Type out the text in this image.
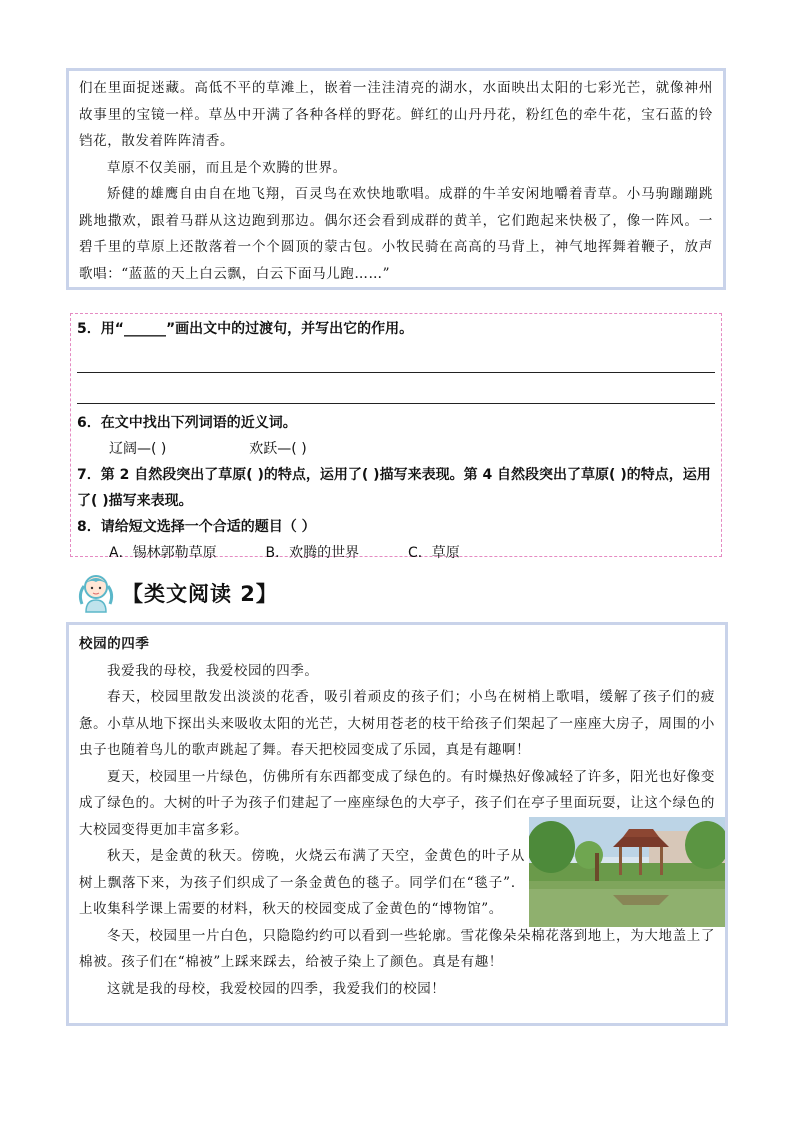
们在里面捉迷藏。高低不平的草滩上，嵌着一洼洼清亮的湖水，水面映出太阳的七彩光芒，就像神州故事里的宝镜一样。草丛中开满了各种各样的野花。鲜红的山丹丹花，粉红色的牵牛花，宝石蓝的铃铛花，散发着阵阵清香。

草原不仅美丽，而且是个欢腾的世界。

矫健的雄鹰自由自在地飞翔，百灵鸟在欢快地歌唱。成群的牛羊安闲地嚼着青草。小马驹蹦蹦跳跳地撒欢，跟着马群从这边跑到那边。偶尔还会看到成群的黄羊，它们跑起来快极了，像一阵风。一碧千里的草原上还散落着一个个圆顶的蒙古包。小牧民骑在高高的马背上，神气地挥舞着鞭子，放声歌唱：“蓝蓝的天上白云飘，白云下面马儿跑……”

5．用“______”画出文中的过渡句，并写出它的作用。

6．在文中找出下列词语的近义词。

辽阔—( )	欢跃—( )

7．第 2 自然段突出了草原( )的特点，运用了( )描写来表现。第 4 自然段突出了草原( )的特点，运用了( )描写来表现。

8．请给短文选择一个合适的题目（ ）

A．锡林郭勒草原	B．欢腾的世界	C．草原

【类文阅读 2】

校园的四季

我爱我的母校，我爱校园的四季。

春天，校园里散发出淡淡的花香，吸引着顽皮的孩子们；小鸟在树梢上歌唱，缓解了孩子们的疲惫。小草从地下探出头来吸收太阳的光芒，大树用苍老的枝干给孩子们架起了一座座大房子，周围的小虫子也随着鸟儿的歌声跳起了舞。春天把校园变成了乐园，真是有趣啊！

夏天，校园里一片绿色，仿佛所有东西都变成了绿色的。有时燥热好像减轻了许多，阳光也好像变成了绿色的。大树的叶子为孩子们建起了一座座绿色的大亭子，孩子们在亭子里面玩耍，让这个绿色的大校园变得更加丰富多彩。

秋天，是金黄的秋天。傍晚，火烧云布满了天空，金黄色的叶子从树上飘落下来，为孩子们织成了一条金黄色的毯子。同学们在“毯子”．上收集科学课上需要的材料，秋天的校园变成了金黄色的“博物馆”。

冬天，校园里一片白色，只隐隐约约可以看到一些轮廓。雪花像朵朵棉花落到地上，为大地盖上了棉被。孩子们在“棉被”上踩来踩去，给被子染上了颜色。真是有趣！

这就是我的母校，我爱校园的四季，我爱我们的校园！
